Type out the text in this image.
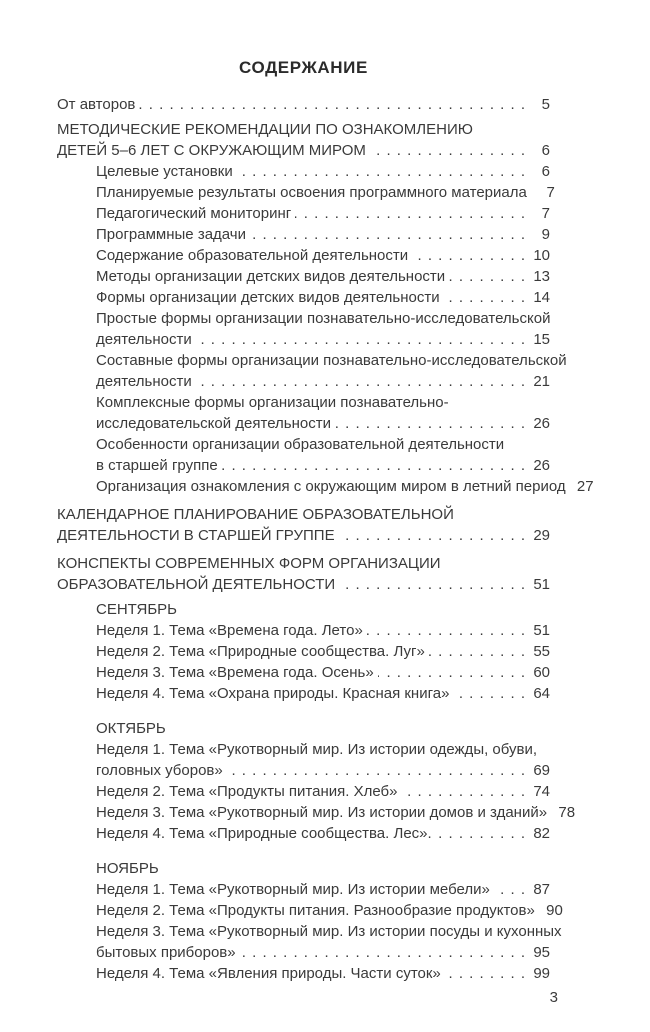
СОДЕРЖАНИЕ
От авторов . . .	5
МЕТОДИЧЕСКИЕ РЕКОМЕНДАЦИИ ПО ОЗНАКОМЛЕНИЮ
ДЕТЕЙ 5–6 ЛЕТ С ОКРУЖАЮЩИМ МИРОМ . . .	6
Целевые установки . . .	6
Планируемые результаты освоения программного материала	7
Педагогический мониторинг . . .	7
Программные задачи . . .	9
Содержание образовательной деятельности . . .	10
Методы организации детских видов деятельности . . .	13
Формы организации детских видов деятельности . . .	14
Простые формы организации познавательно-исследовательской
деятельности . . .	15
Составные формы организации познавательно-исследовательской
деятельности . . .	21
Комплексные формы организации познавательно-
исследовательской деятельности . . .	26
Особенности организации образовательной деятельности
в старшей группе . . .	26
Организация ознакомления с окружающим миром в летний период 27
КАЛЕНДАРНОЕ ПЛАНИРОВАНИЕ ОБРАЗОВАТЕЛЬНОЙ
ДЕЯТЕЛЬНОСТИ В СТАРШЕЙ ГРУППЕ . . .	29
КОНСПЕКТЫ СОВРЕМЕННЫХ ФОРМ ОРГАНИЗАЦИИ
ОБРАЗОВАТЕЛЬНОЙ ДЕЯТЕЛЬНОСТИ . . .	51
СЕНТЯБРЬ
Неделя 1. Тема «Времена года. Лето» . . .	51
Неделя 2. Тема «Природные сообщества. Луг» . . .	55
Неделя 3. Тема «Времена года. Осень» . . .	60
Неделя 4. Тема «Охрана природы. Красная книга» . . .	64
ОКТЯБРЬ
Неделя 1. Тема «Рукотворный мир. Из истории одежды, обуви,
головных уборов» . . .	69
Неделя 2. Тема «Продукты питания. Хлеб» . . .	74
Неделя 3. Тема «Рукотворный мир. Из истории домов и зданий» 78
Неделя 4. Тема «Природные сообщества. Лес». . . .	82
НОЯБРЬ
Неделя 1. Тема «Рукотворный мир. Из истории мебели» . . .	87
Неделя 2. Тема «Продукты питания. Разнообразие продуктов» 90
Неделя 3. Тема «Рукотворный мир. Из истории посуды и кухонных
бытовых приборов» . . .	95
Неделя 4. Тема «Явления природы. Части суток» . . .	99
3
